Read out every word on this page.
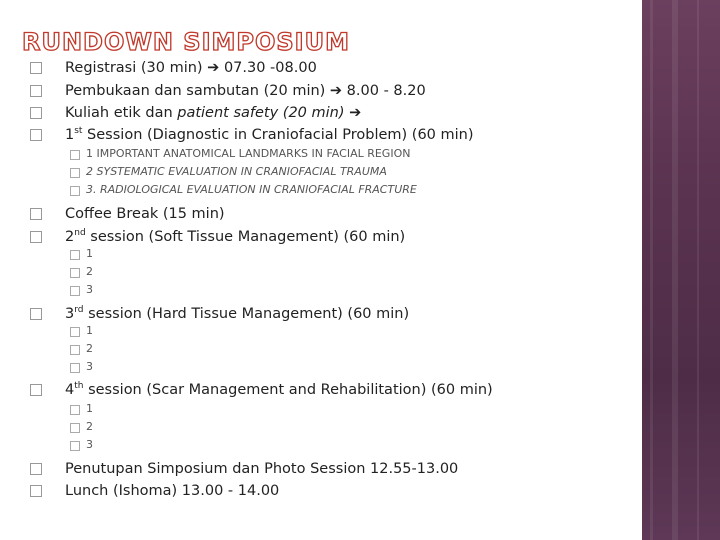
RUNDOWN SIMPOSIUM
Registrasi (30 min) ➔ 07.30 -08.00
Pembukaan dan sambutan (20 min) ➔ 8.00 - 8.20
Kuliah etik dan patient safety (20 min) ➔
1st Session (Diagnostic in Craniofacial Problem) (60 min)
1 IMPORTANT ANATOMICAL LANDMARKS IN FACIAL REGION
2 SYSTEMATIC EVALUATION IN CRANIOFACIAL TRAUMA
3. RADIOLOGICAL EVALUATION IN CRANIOFACIAL FRACTURE
Coffee Break (15 min)
2nd session (Soft Tissue Management) (60 min)
1
2
3
3rd session (Hard Tissue Management) (60 min)
1
2
3
4th session (Scar Management and Rehabilitation) (60 min)
1
2
3
Penutupan Simposium dan Photo Session 12.55-13.00
Lunch (Ishoma) 13.00 - 14.00
